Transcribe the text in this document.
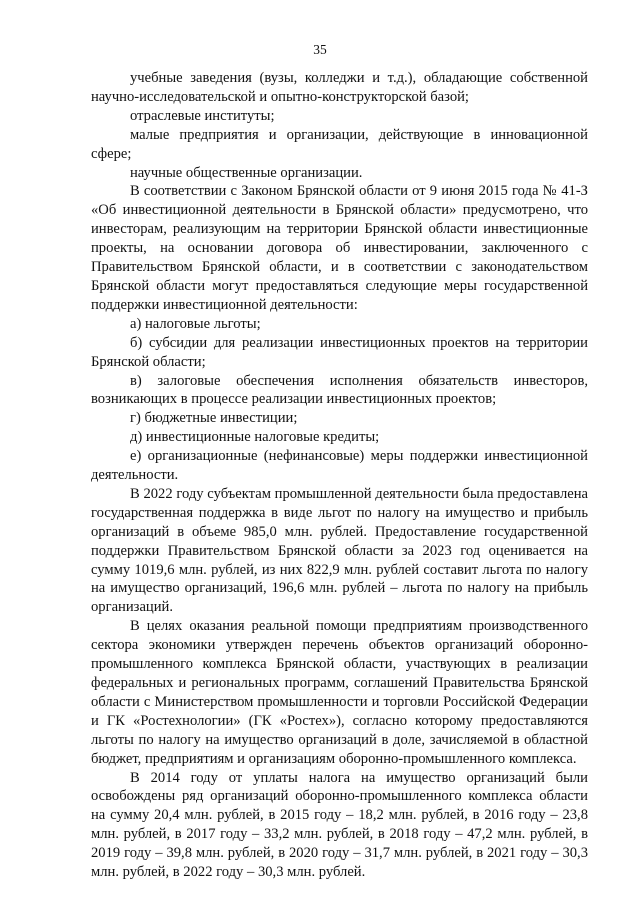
35

учебные заведения (вузы, колледжи и т.д.), обладающие собственной научно-исследовательской и опытно-конструкторской базой;

отраслевые институты;

малые предприятия и организации, действующие в инновационной сфере;

научные общественные организации.

В соответствии с Законом Брянской области от 9 июня 2015 года № 41-З «Об инвестиционной деятельности в Брянской области» предусмотрено, что инвесторам, реализующим на территории Брянской области инвестиционные проекты, на основании договора об инвестировании, заключенного с Правительством Брянской области, и в соответствии с законодательством Брянской области могут предоставляться следующие меры государственной поддержки инвестиционной деятельности:

а) налоговые льготы;

б) субсидии для реализации инвестиционных проектов на территории Брянской области;

в) залоговые обеспечения исполнения обязательств инвесторов, возникающих в процессе реализации инвестиционных проектов;

г) бюджетные инвестиции;

д) инвестиционные налоговые кредиты;

е) организационные (нефинансовые) меры поддержки инвестиционной деятельности.

В 2022 году субъектам промышленной деятельности была предоставлена государственная поддержка в виде льгот по налогу на имущество и прибыль организаций в объеме 985,0 млн. рублей. Предоставление государственной поддержки Правительством Брянской области за 2023 год оценивается на сумму 1019,6 млн. рублей, из них 822,9 млн. рублей составит льгота по налогу на имущество организаций, 196,6 млн. рублей – льгота по налогу на прибыль организаций.

В целях оказания реальной помощи предприятиям производственного сектора экономики утвержден перечень объектов организаций оборонно-промышленного комплекса Брянской области, участвующих в реализации федеральных и региональных программ, соглашений Правительства Брянской области с Министерством промышленности и торговли Российской Федерации и ГК «Ростехнологии» (ГК «Ростех»), согласно которому предоставляются льготы по налогу на имущество организаций в доле, зачисляемой в областной бюджет, предприятиям и организациям оборонно-промышленного комплекса.

В 2014 году от уплаты налога на имущество организаций были освобождены ряд организаций оборонно-промышленного комплекса области на сумму 20,4 млн. рублей, в 2015 году – 18,2 млн. рублей, в 2016 году – 23,8 млн. рублей, в 2017 году – 33,2 млн. рублей, в 2018 году – 47,2 млн. рублей, в 2019 году – 39,8 млн. рублей, в 2020 году – 31,7 млн. рублей, в 2021 году – 30,3 млн. рублей, в 2022 году – 30,3 млн. рублей.
